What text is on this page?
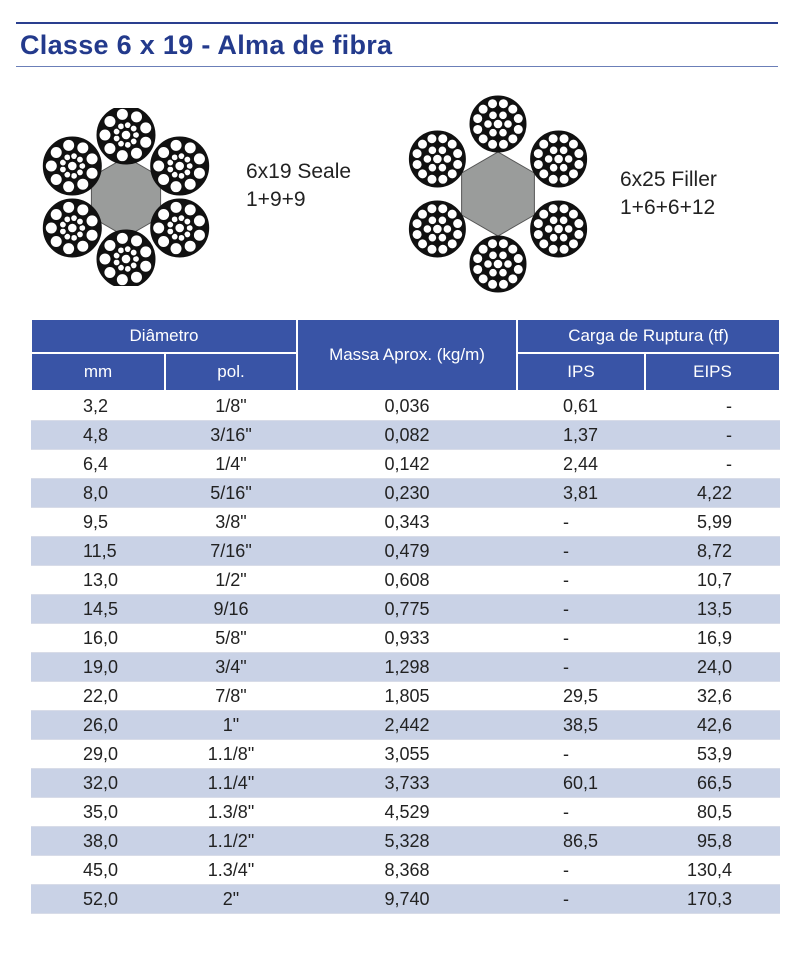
Classe 6 x 19 - Alma de fibra
6x19 Seale
1+9+9
6x25 Filler
1+6+6+12
Diâmetro		Massa Aprox. (kg/m)	Carga de Ruptura (tf)	
mm	pol.		IPS	EIPS
3,2	1/8"	0,036	0,61	-
4,8	3/16"	0,082	1,37	-
6,4	1/4"	0,142	2,44	-
8,0	5/16"	0,230	3,81	4,22
9,5	3/8"	0,343	-	5,99
11,5	7/16"	0,479	-	8,72
13,0	1/2"	0,608	-	10,7
14,5	9/16	0,775	-	13,5
16,0	5/8"	0,933	-	16,9
19,0	3/4"	1,298	-	24,0
22,0	7/8"	1,805	29,5	32,6
26,0	1"	2,442	38,5	42,6
29,0	1.1/8"	3,055	-	53,9
32,0	1.1/4"	3,733	60,1	66,5
35,0	1.3/8"	4,529	-	80,5
38,0	1.1/2"	5,328	86,5	95,8
45,0	1.3/4"	8,368	-	130,4
52,0	2"	9,740	-	170,3
